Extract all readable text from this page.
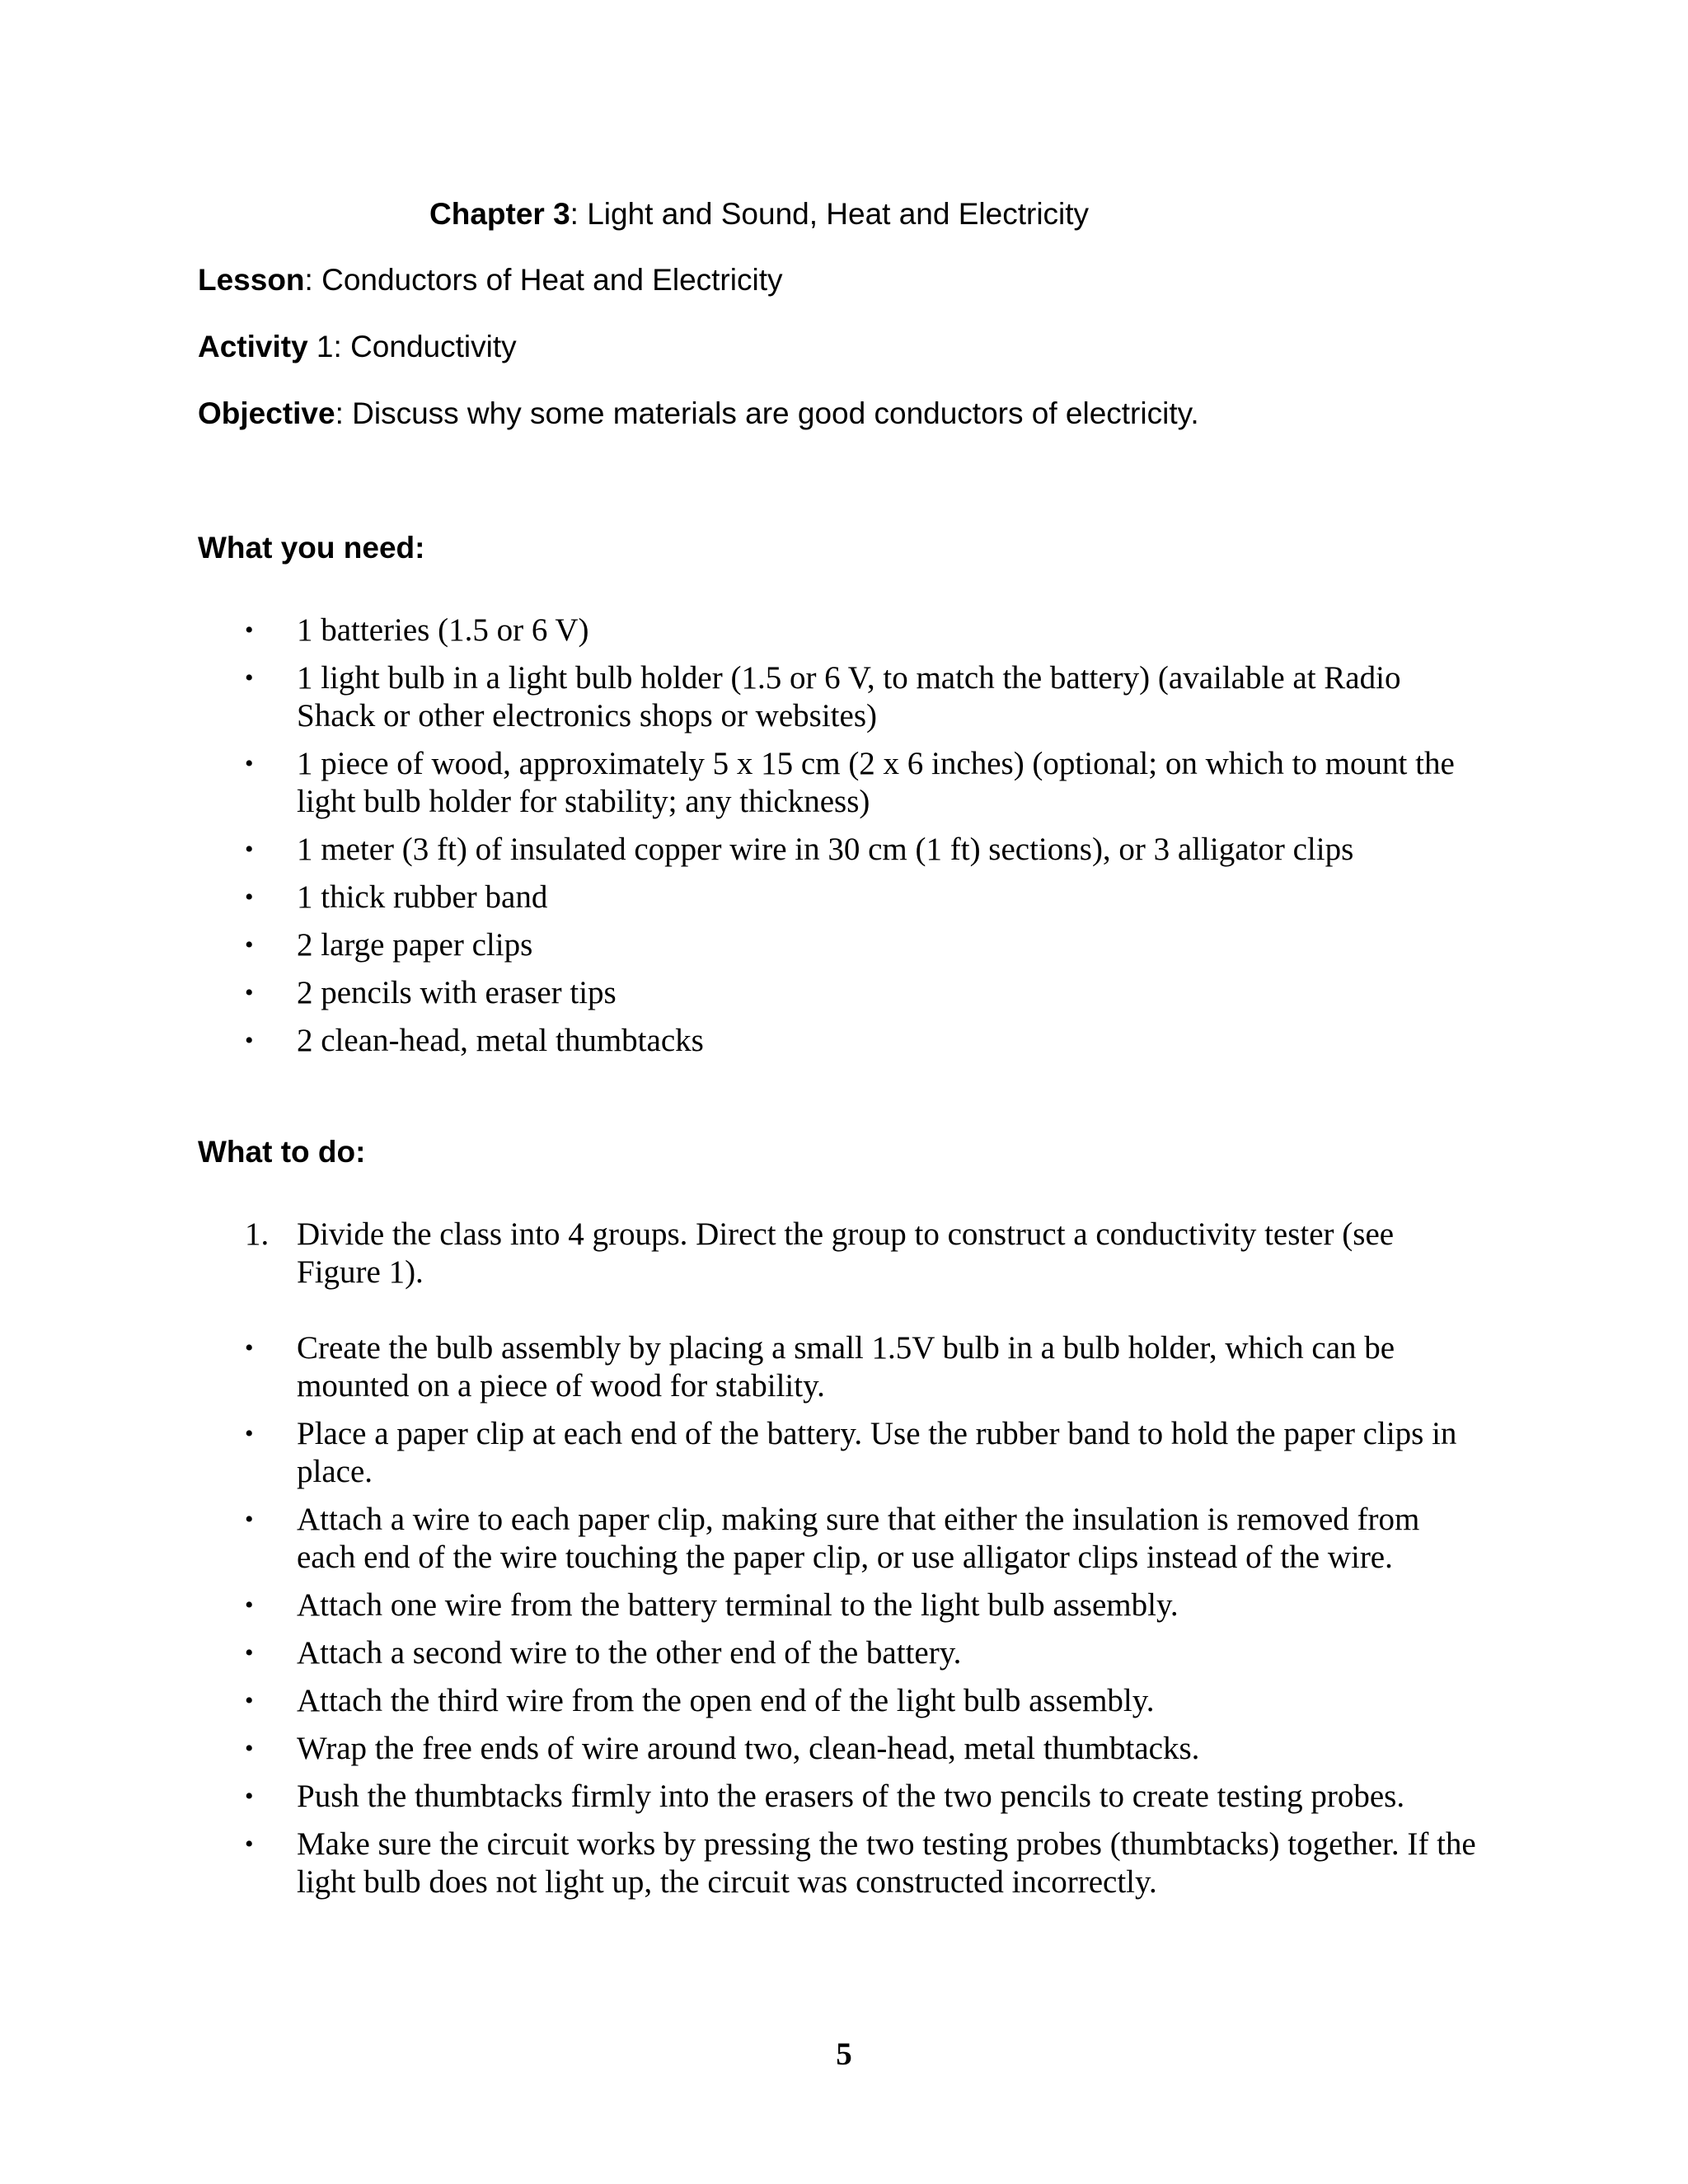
Chapter 3: Light and Sound, Heat and Electricity
Lesson: Conductors of Heat and Electricity
Activity 1: Conductivity
Objective: Discuss why some materials are good conductors of electricity.
What you need:
• 1 batteries (1.5 or 6 V)
• 1 light bulb in a light bulb holder (1.5 or 6 V, to match the battery) (available at Radio Shack or other electronics shops or websites)
• 1 piece of wood, approximately 5 x 15 cm (2 x 6 inches) (optional; on which to mount the light bulb holder for stability; any thickness)
• 1 meter (3 ft) of insulated copper wire in 30 cm (1 ft) sections), or 3 alligator clips
• 1 thick rubber band
• 2 large paper clips
• 2 pencils with eraser tips
• 2 clean-head, metal thumbtacks
What to do:
1. Divide the class into 4 groups. Direct the group to construct a conductivity tester (see Figure 1).
• Create the bulb assembly by placing a small 1.5V bulb in a bulb holder, which can be mounted on a piece of wood for stability.
• Place a paper clip at each end of the battery. Use the rubber band to hold the paper clips in place.
• Attach a wire to each paper clip, making sure that either the insulation is removed from each end of the wire touching the paper clip, or use alligator clips instead of the wire.
• Attach one wire from the battery terminal to the light bulb assembly.
• Attach a second wire to the other end of the battery.
• Attach the third wire from the open end of the light bulb assembly.
• Wrap the free ends of wire around two, clean-head, metal thumbtacks.
• Push the thumbtacks firmly into the erasers of the two pencils to create testing probes.
• Make sure the circuit works by pressing the two testing probes (thumbtacks) together. If the light bulb does not light up, the circuit was constructed incorrectly.
5
